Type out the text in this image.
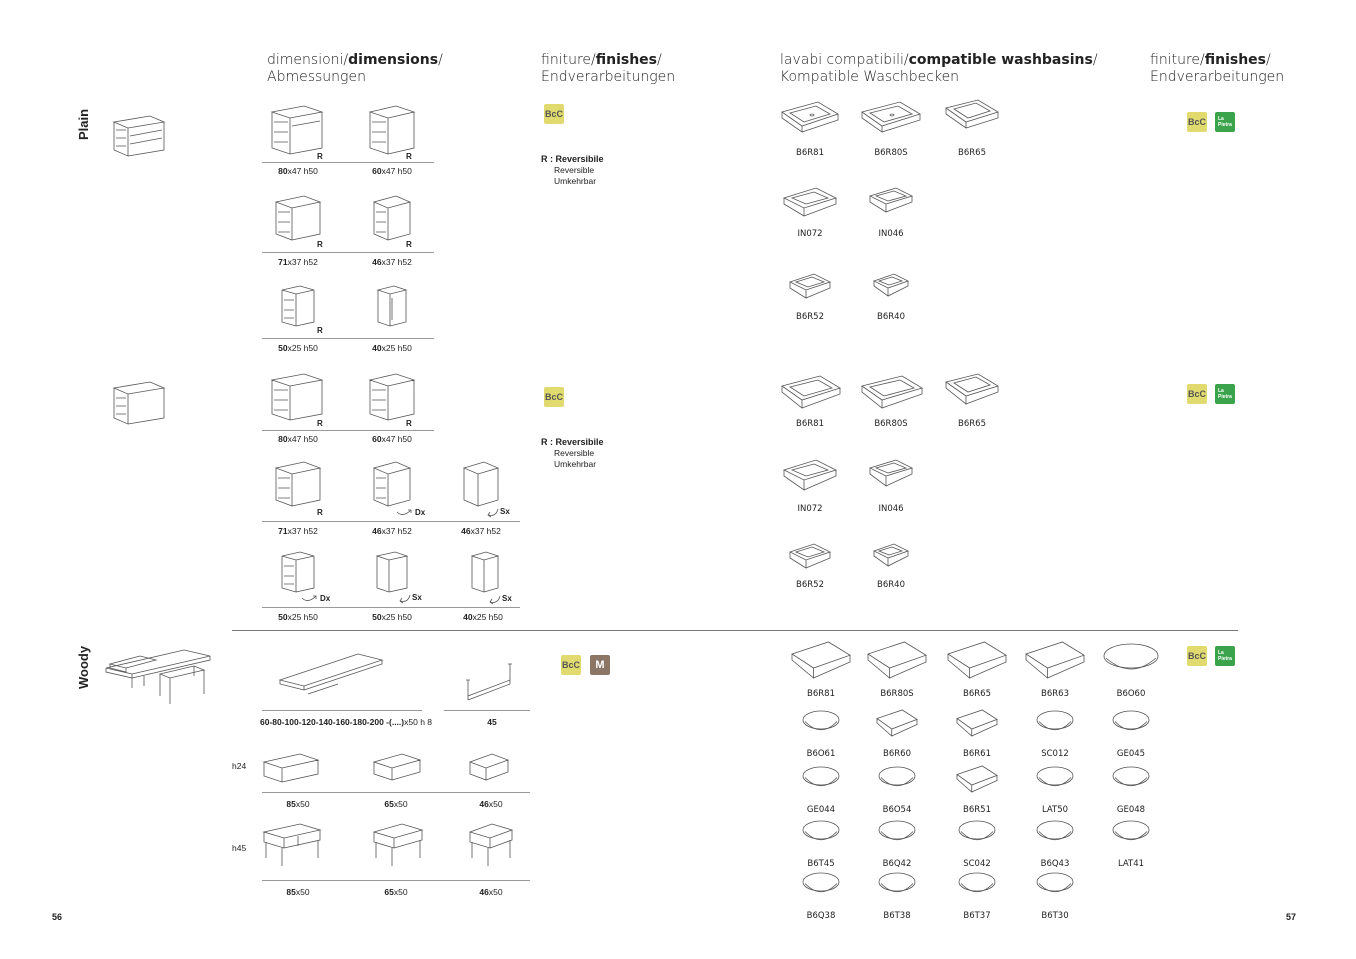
dimensioni/dimensions/
Abmessungen
finiture/finishes/
Endverarbeitungen
lavabi compatibili/compatible washbasins/
Kompatible Waschbecken
finiture/finishes/
Endverarbeitungen
Plain
Woody
R	R
80x47 h50	60x47 h50
R	R
71x37 h52	46x37 h52
R
50x25 h50	40x25 h50
BcC
R : Reversibile
Reversible
Umkehrbar
B6R81	B6R80S	B6R65
IN072	IN046
B6R52	B6R40
BcC La
Pietra
R	R
80x47 h50	60x47 h50
R	Dx	Sx
71x37 h52	46x37 h52	46x37 h52
Dx	Sx	Sx
50x25 h50	50x25 h50	40x25 h50
BcC
R : Reversibile
Reversible
Umkehrbar
B6R81	B6R80S	B6R65
IN072	IN046
B6R52	B6R40
BcC La
Pietra
60-80-100-120-140-160-180-200 -(....)x50 h 8	45
h24
85x50	65x50	46x50
h45
85x50	65x50	46x50
BcC	M
B6R81	B6R80S	B6R65	B6R63	B6O60
B6O61	B6R60	B6R61	SC012	GE045
GE044	B6O54	B6R51	LAT50	GE048
B6T45	B6Q42	SC042	B6Q43	LAT41
B6Q38	B6T38	B6T37	B6T30
BcC La
Pietra
56	57
